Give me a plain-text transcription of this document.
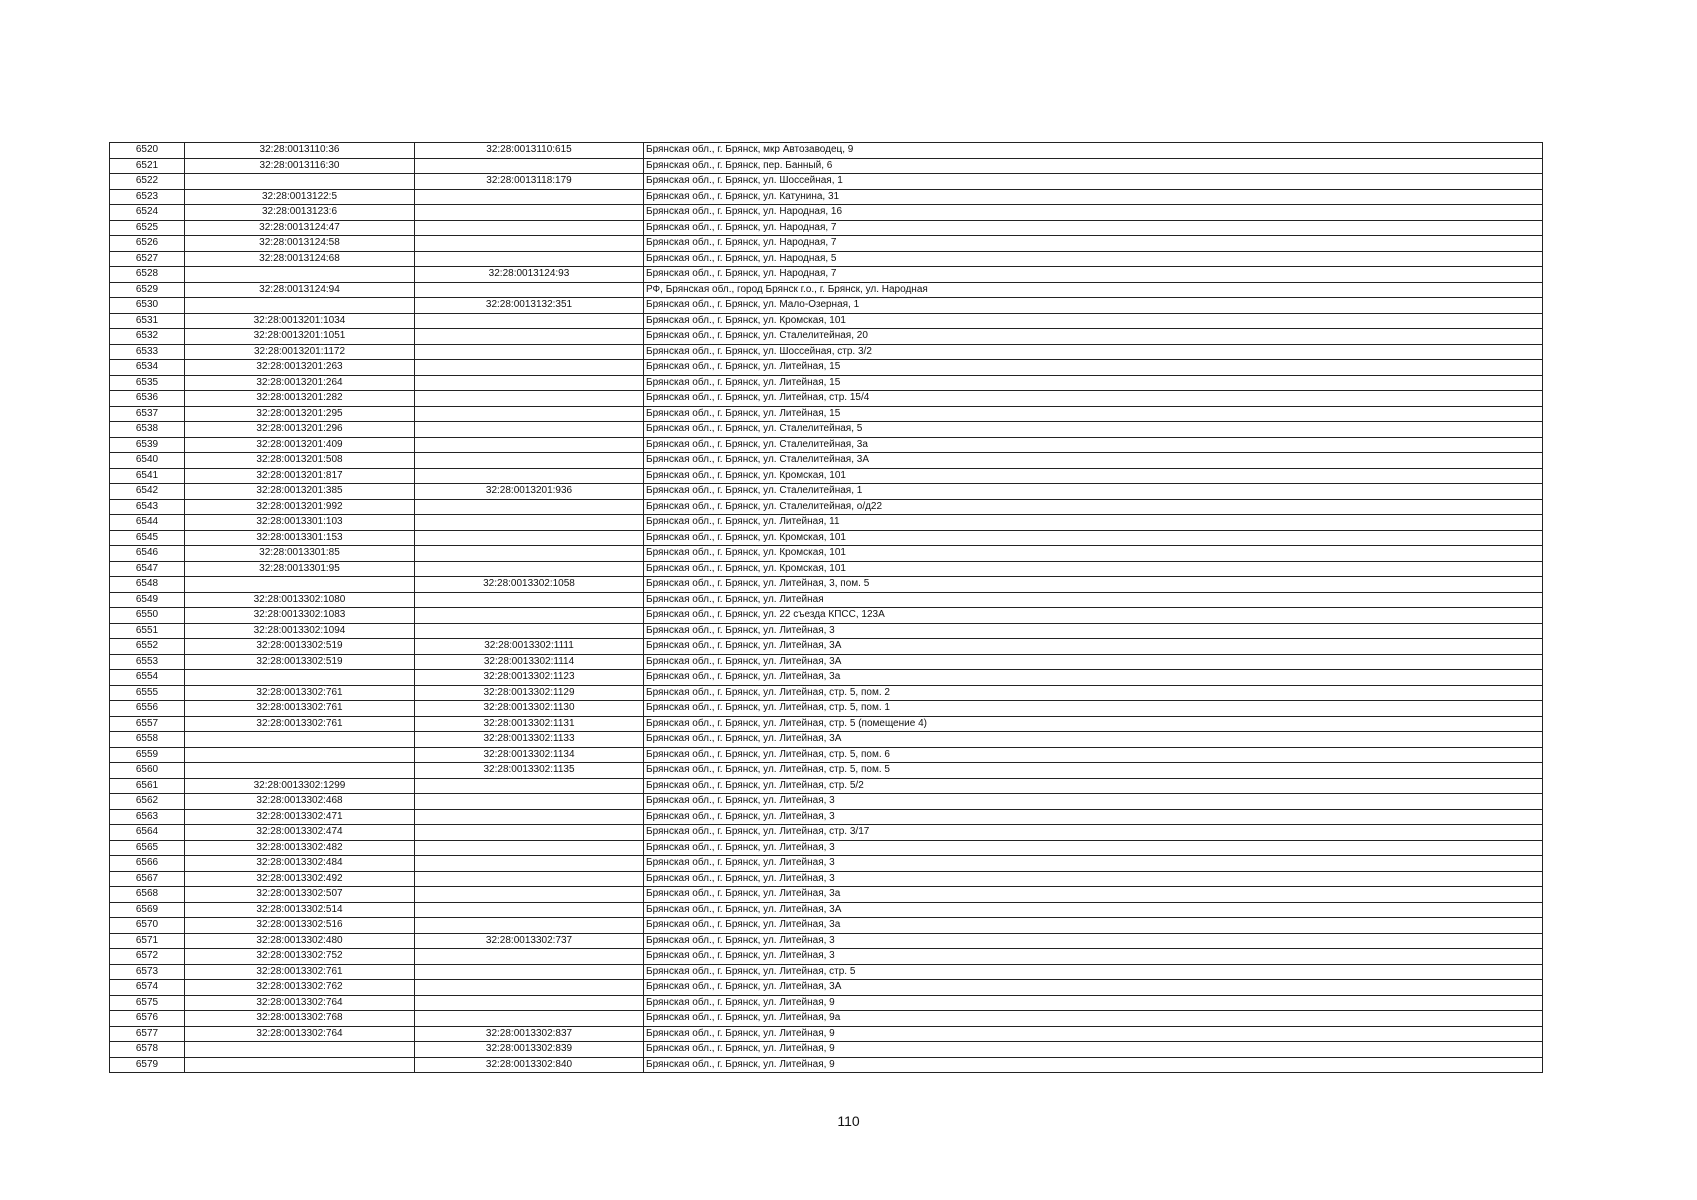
6520	32:28:0013110:36	32:28:0013110:615	Брянская обл., г. Брянск, мкр Автозаводец, 9
6521	32:28:0013116:30		Брянская обл., г. Брянск, пер. Банный, 6
6522		32:28:0013118:179	Брянская обл., г. Брянск, ул. Шоссейная, 1
6523	32:28:0013122:5		Брянская обл., г. Брянск, ул. Катунина, 31
6524	32:28:0013123:6		Брянская обл., г. Брянск, ул. Народная, 16
6525	32:28:0013124:47		Брянская обл., г. Брянск, ул. Народная, 7
6526	32:28:0013124:58		Брянская обл., г. Брянск, ул. Народная, 7
6527	32:28:0013124:68		Брянская обл., г. Брянск, ул. Народная, 5
6528		32:28:0013124:93	Брянская обл., г. Брянск, ул. Народная, 7
6529	32:28:0013124:94		РФ, Брянская обл., город Брянск г.о., г. Брянск, ул. Народная
6530		32:28:0013132:351	Брянская обл., г. Брянск, ул. Мало-Озерная, 1
6531	32:28:0013201:1034		Брянская обл., г. Брянск, ул. Кромская, 101
6532	32:28:0013201:1051		Брянская обл., г. Брянск, ул. Сталелитейная, 20
6533	32:28:0013201:1172		Брянская обл., г. Брянск, ул. Шоссейная, стр. 3/2
6534	32:28:0013201:263		Брянская обл., г. Брянск, ул. Литейная, 15
6535	32:28:0013201:264		Брянская обл., г. Брянск, ул. Литейная, 15
6536	32:28:0013201:282		Брянская обл., г. Брянск, ул. Литейная, стр. 15/4
6537	32:28:0013201:295		Брянская обл., г. Брянск, ул. Литейная, 15
6538	32:28:0013201:296		Брянская обл., г. Брянск, ул. Сталелитейная, 5
6539	32:28:0013201:409		Брянская обл., г. Брянск, ул. Сталелитейная, 3а
6540	32:28:0013201:508		Брянская обл., г. Брянск, ул. Сталелитейная, 3А
6541	32:28:0013201:817		Брянская обл., г. Брянск, ул. Кромская, 101
6542	32:28:0013201:385	32:28:0013201:936	Брянская обл., г. Брянск, ул. Сталелитейная, 1
6543	32:28:0013201:992		Брянская обл., г. Брянск, ул. Сталелитейная, о/д22
6544	32:28:0013301:103		Брянская обл., г. Брянск, ул. Литейная, 11
6545	32:28:0013301:153		Брянская обл., г. Брянск, ул. Кромская, 101
6546	32:28:0013301:85		Брянская обл., г. Брянск, ул. Кромская, 101
6547	32:28:0013301:95		Брянская обл., г. Брянск, ул. Кромская, 101
6548		32:28:0013302:1058	Брянская обл., г. Брянск, ул. Литейная, 3, пом. 5
6549	32:28:0013302:1080		Брянская обл., г. Брянск, ул. Литейная
6550	32:28:0013302:1083		Брянская обл., г. Брянск, ул. 22 съезда КПСС, 123А
6551	32:28:0013302:1094		Брянская обл., г. Брянск, ул. Литейная, 3
6552	32:28:0013302:519	32:28:0013302:1111	Брянская обл., г. Брянск, ул. Литейная, 3А
6553	32:28:0013302:519	32:28:0013302:1114	Брянская обл., г. Брянск, ул. Литейная, 3А
6554		32:28:0013302:1123	Брянская обл., г. Брянск, ул. Литейная, 3а
6555	32:28:0013302:761	32:28:0013302:1129	Брянская обл., г. Брянск, ул. Литейная, стр. 5, пом. 2
6556	32:28:0013302:761	32:28:0013302:1130	Брянская обл., г. Брянск, ул. Литейная, стр. 5, пом. 1
6557	32:28:0013302:761	32:28:0013302:1131	Брянская обл., г. Брянск, ул. Литейная, стр. 5 (помещение 4)
6558		32:28:0013302:1133	Брянская обл., г. Брянск, ул. Литейная, 3А
6559		32:28:0013302:1134	Брянская обл., г. Брянск, ул. Литейная, стр. 5, пом. 6
6560		32:28:0013302:1135	Брянская обл., г. Брянск, ул. Литейная, стр. 5, пом. 5
6561	32:28:0013302:1299		Брянская обл., г. Брянск, ул. Литейная, стр. 5/2
6562	32:28:0013302:468		Брянская обл., г. Брянск, ул. Литейная, 3
6563	32:28:0013302:471		Брянская обл., г. Брянск, ул. Литейная, 3
6564	32:28:0013302:474		Брянская обл., г. Брянск, ул. Литейная, стр. 3/17
6565	32:28:0013302:482		Брянская обл., г. Брянск, ул. Литейная, 3
6566	32:28:0013302:484		Брянская обл., г. Брянск, ул. Литейная, 3
6567	32:28:0013302:492		Брянская обл., г. Брянск, ул. Литейная, 3
6568	32:28:0013302:507		Брянская обл., г. Брянск, ул. Литейная, 3а
6569	32:28:0013302:514		Брянская обл., г. Брянск, ул. Литейная, 3А
6570	32:28:0013302:516		Брянская обл., г. Брянск, ул. Литейная, 3а
6571	32:28:0013302:480	32:28:0013302:737	Брянская обл., г. Брянск, ул. Литейная, 3
6572	32:28:0013302:752		Брянская обл., г. Брянск, ул. Литейная, 3
6573	32:28:0013302:761		Брянская обл., г. Брянск, ул. Литейная, стр. 5
6574	32:28:0013302:762		Брянская обл., г. Брянск, ул. Литейная, 3А
6575	32:28:0013302:764		Брянская обл., г. Брянск, ул. Литейная, 9
6576	32:28:0013302:768		Брянская обл., г. Брянск, ул. Литейная, 9а
6577	32:28:0013302:764	32:28:0013302:837	Брянская обл., г. Брянск, ул. Литейная, 9
6578		32:28:0013302:839	Брянская обл., г. Брянск, ул. Литейная, 9
6579		32:28:0013302:840	Брянская обл., г. Брянск, ул. Литейная, 9
110
